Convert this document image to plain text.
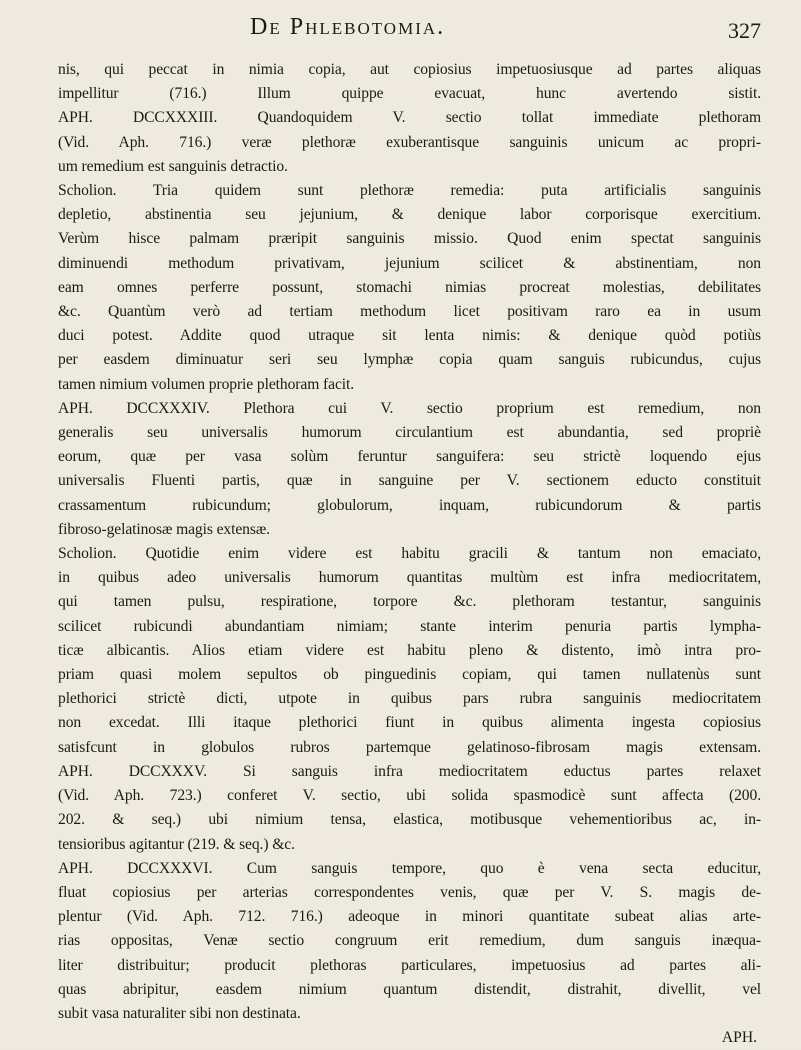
De Phlebotomia.	327
nis, qui peccat in nimia copia, aut copiosius impetuosiusque ad partes aliquas
impellitur (716.) Illum quippe evacuat, hunc avertendo sistit.
APH. DCCXXXIII. Quandoquidem V. sectio tollat immediate plethoram
(Vid. Aph. 716.) veræ plethoræ exuberantisque sanguinis unicum ac propri-
um remedium est sanguinis detractio.
Scholion. Tria quidem sunt plethoræ remedia: puta artificialis sanguinis
depletio, abstinentia seu jejunium, & denique labor corporisque exercitium.
Verùm hisce palmam præripit sanguinis missio. Quod enim spectat sanguinis
diminuendi methodum privativam, jejunium scilicet & abstinentiam, non
eam omnes perferre possunt, stomachi nimias procreat molestias, debilitates
&c. Quantùm verò ad tertiam methodum licet positivam raro ea in usum
duci potest. Addite quod utraque sit lenta nimis: & denique quòd potiùs
per easdem diminuatur seri seu lymphæ copia quam sanguis rubicundus, cujus
tamen nimium volumen proprie plethoram facit.
APH. DCCXXXIV. Plethora cui V. sectio proprium est remedium, non
generalis seu universalis humorum circulantium est abundantia, sed propriè
eorum, quæ per vasa solùm feruntur sanguifera: seu strictè loquendo ejus
universalis Fluenti partis, quæ in sanguine per V. sectionem educto constituit
crassamentum rubicundum; globulorum, inquam, rubicundorum & partis
fibroso-gelatinosæ magis extensæ.
Scholion. Quotidie enim videre est habitu gracili & tantum non emaciato,
in quibus adeo universalis humorum quantitas multùm est infra mediocritatem,
qui tamen pulsu, respiratione, torpore &c. plethoram testantur, sanguinis
scilicet rubicundi abundantiam nimiam; stante interim penuria partis lympha-
ticæ albicantis. Alios etiam videre est habitu pleno & distento, imò intra pro-
priam quasi molem sepultos ob pinguedinis copiam, qui tamen nullatenùs sunt
plethorici strictè dicti, utpote in quibus pars rubra sanguinis mediocritatem
non excedat. Illi itaque plethorici fiunt in quibus alimenta ingesta copiosius
satisfcunt in globulos rubros partemque gelatinoso-fibrosam magis extensam.
APH. DCCXXXV. Si sanguis infra mediocritatem eductus partes relaxet
(Vid. Aph. 723.) conferet V. sectio, ubi solida spasmodicè sunt affecta (200.
202. & seq.) ubi nimium tensa, elastica, motibusque vehementioribus ac, in-
tensioribus agitantur (219. & seq.) &c.
APH. DCCXXXVI. Cum sanguis tempore, quo è vena secta educitur,
fluat copiosius per arterias correspondentes venis, quæ per V. S. magis de-
plentur (Vid. Aph. 712. 716.) adeoque in minori quantitate subeat alias arte-
rias oppositas, Venæ sectio congruum erit remedium, dum sanguis inæqua-
liter distribuitur; producit plethoras particulares, impetuosius ad partes ali-
quas abripitur, easdem nimium quantum distendit, distrahit, divellit, vel
subit vasa naturaliter sibi non destinata.
APH.
